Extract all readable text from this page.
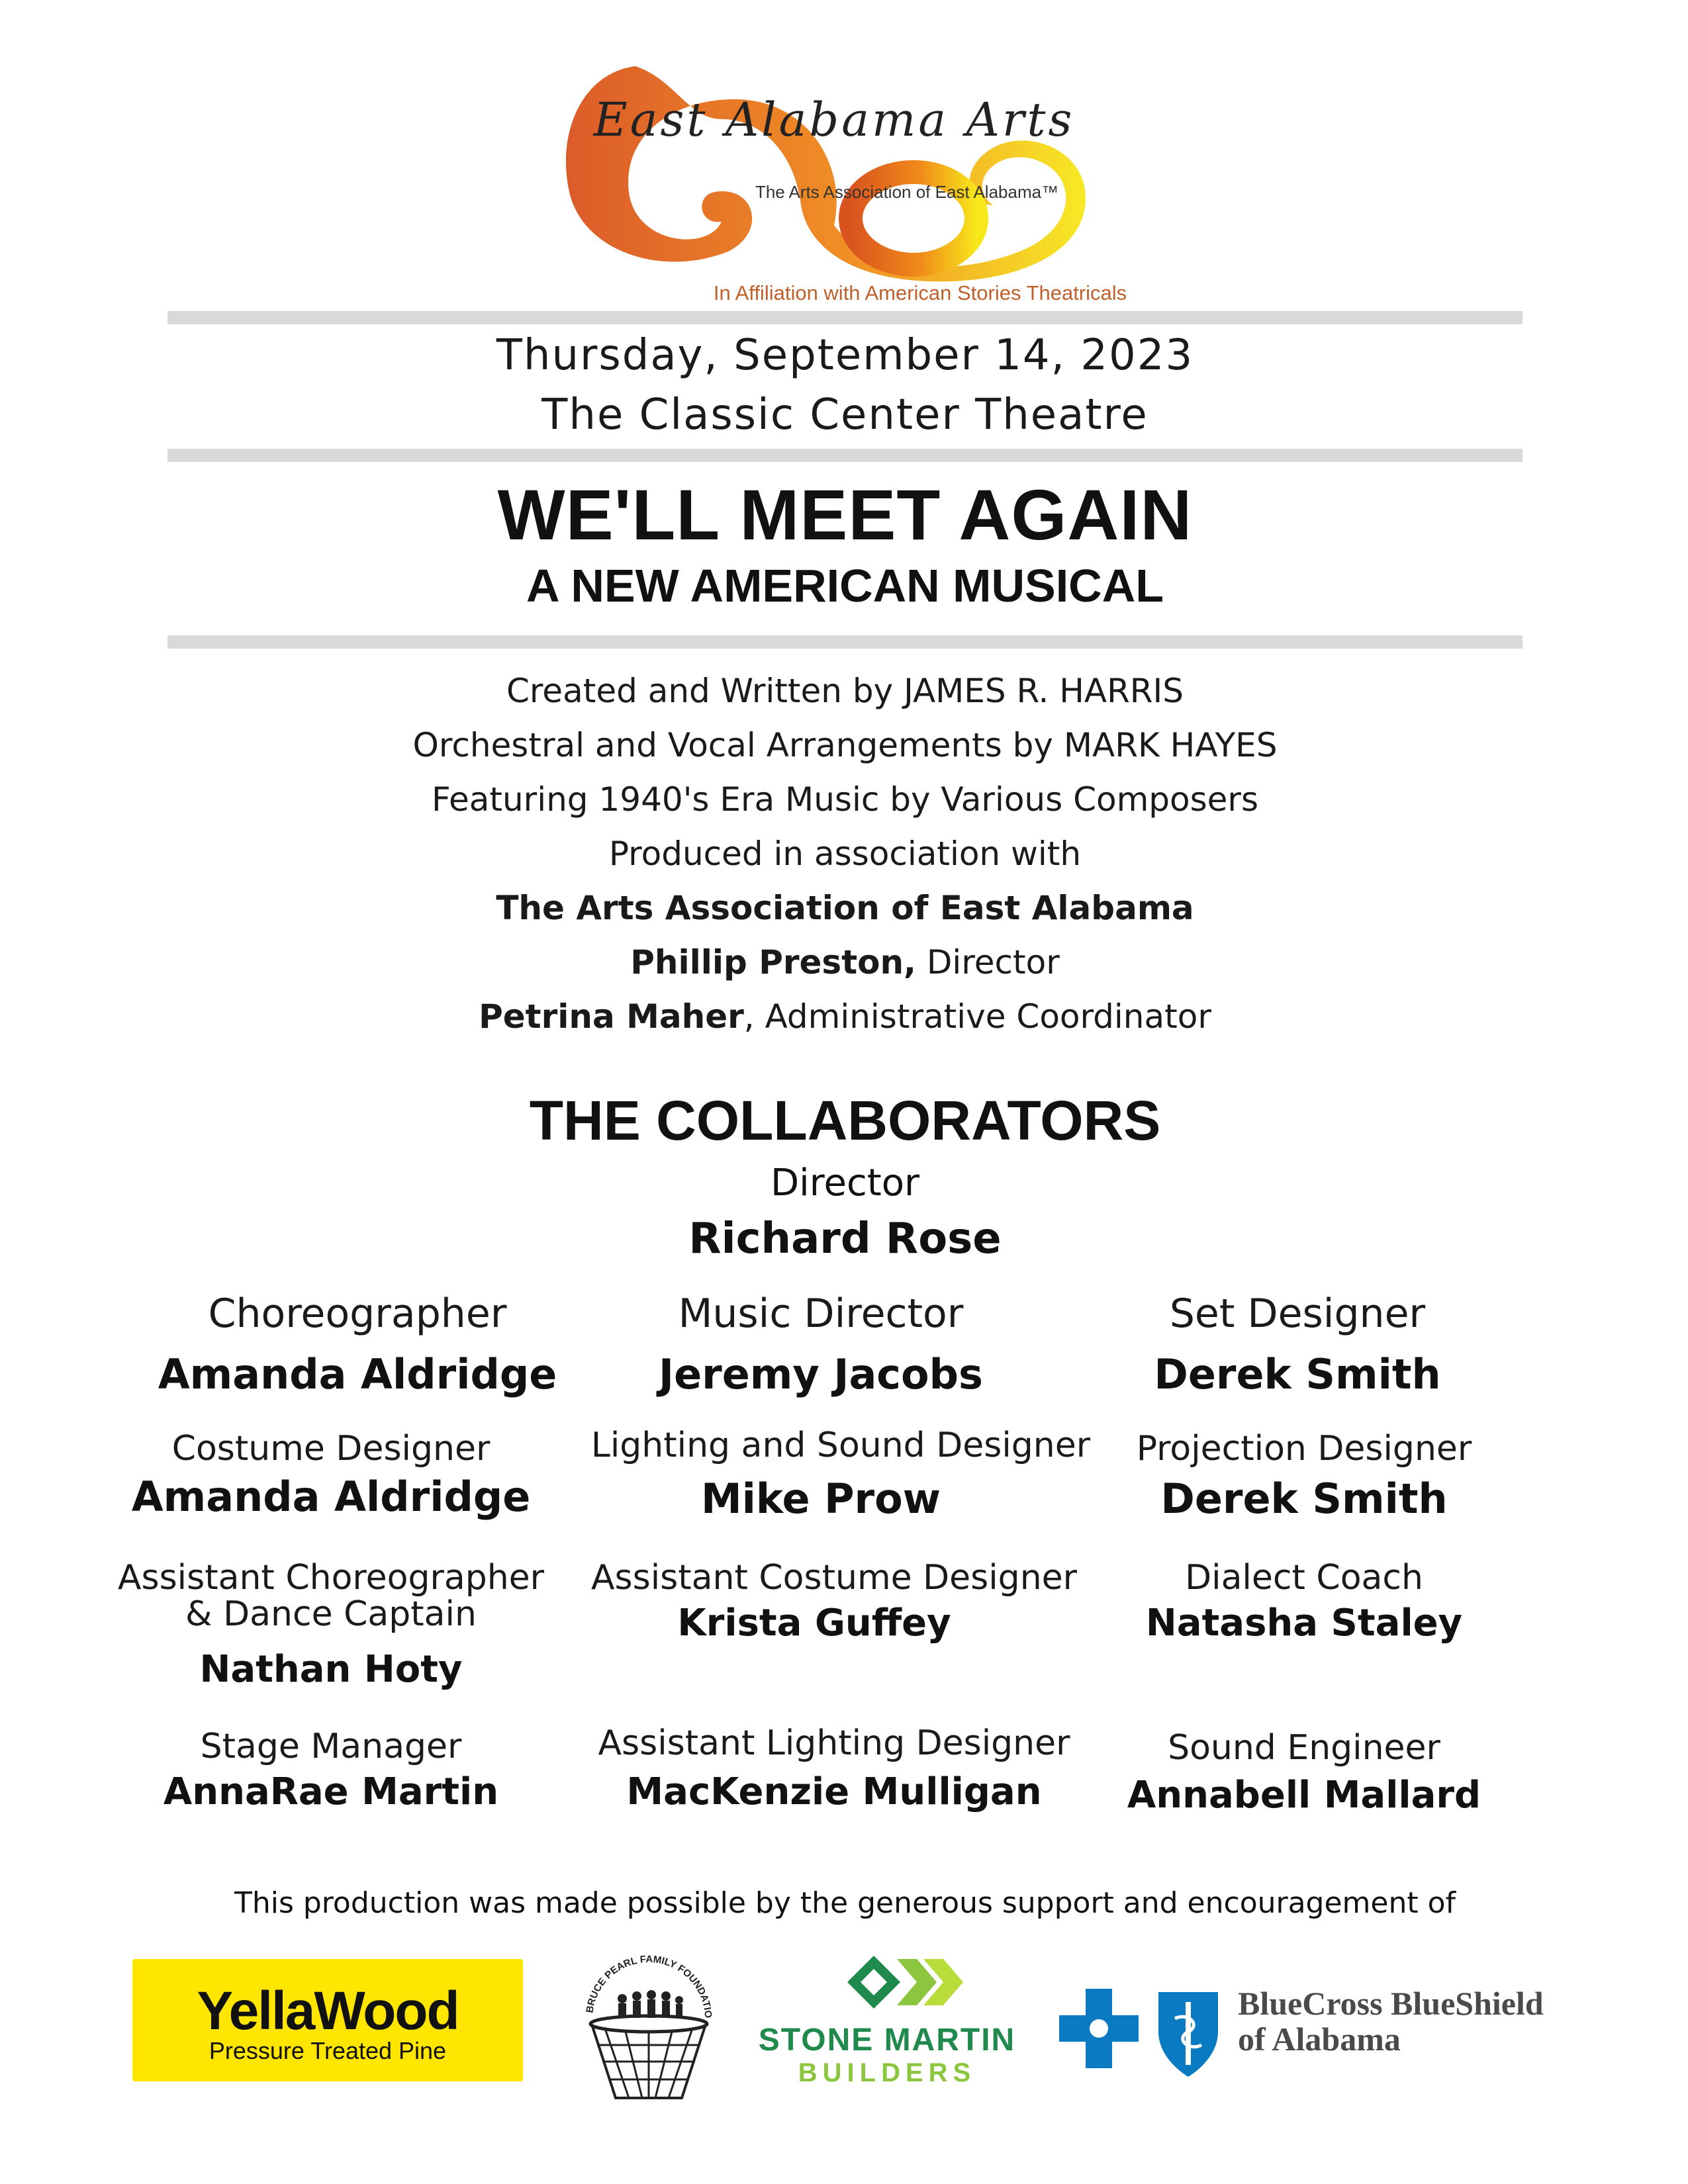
East Alabama Arts
The Arts Association of East Alabama™
In Affiliation with American Stories Theatricals
Thursday, September 14, 2023
The Classic Center Theatre
WE'LL MEET AGAIN
A NEW AMERICAN MUSICAL
Created and Written by JAMES R. HARRIS
Orchestral and Vocal Arrangements by MARK HAYES
Featuring 1940's Era Music by Various Composers
Produced in association with
The Arts Association of East Alabama
Phillip Preston, Director
Petrina Maher, Administrative Coordinator
THE COLLABORATORS
Director
Richard Rose
Choreographer
Amanda Aldridge
Music Director
Jeremy Jacobs
Set Designer
Derek Smith
Costume Designer
Amanda Aldridge
Lighting and Sound Designer
Mike Prow
Projection Designer
Derek Smith
Assistant Choreographer
& Dance Captain
Nathan Hoty
Assistant Costume Designer
Krista Guffey
Dialect Coach
Natasha Staley
Stage Manager
AnnaRae Martin
Assistant Lighting Designer
MacKenzie Mulligan
Sound Engineer
Annabell Mallard
This production was made possible by the generous support and encouragement of
YellaWood
Pressure Treated Pine
BRUCE PEARL FAMILY FOUNDATIO
STONE MARTIN
BUILDERS
BlueCross BlueShield
of Alabama
